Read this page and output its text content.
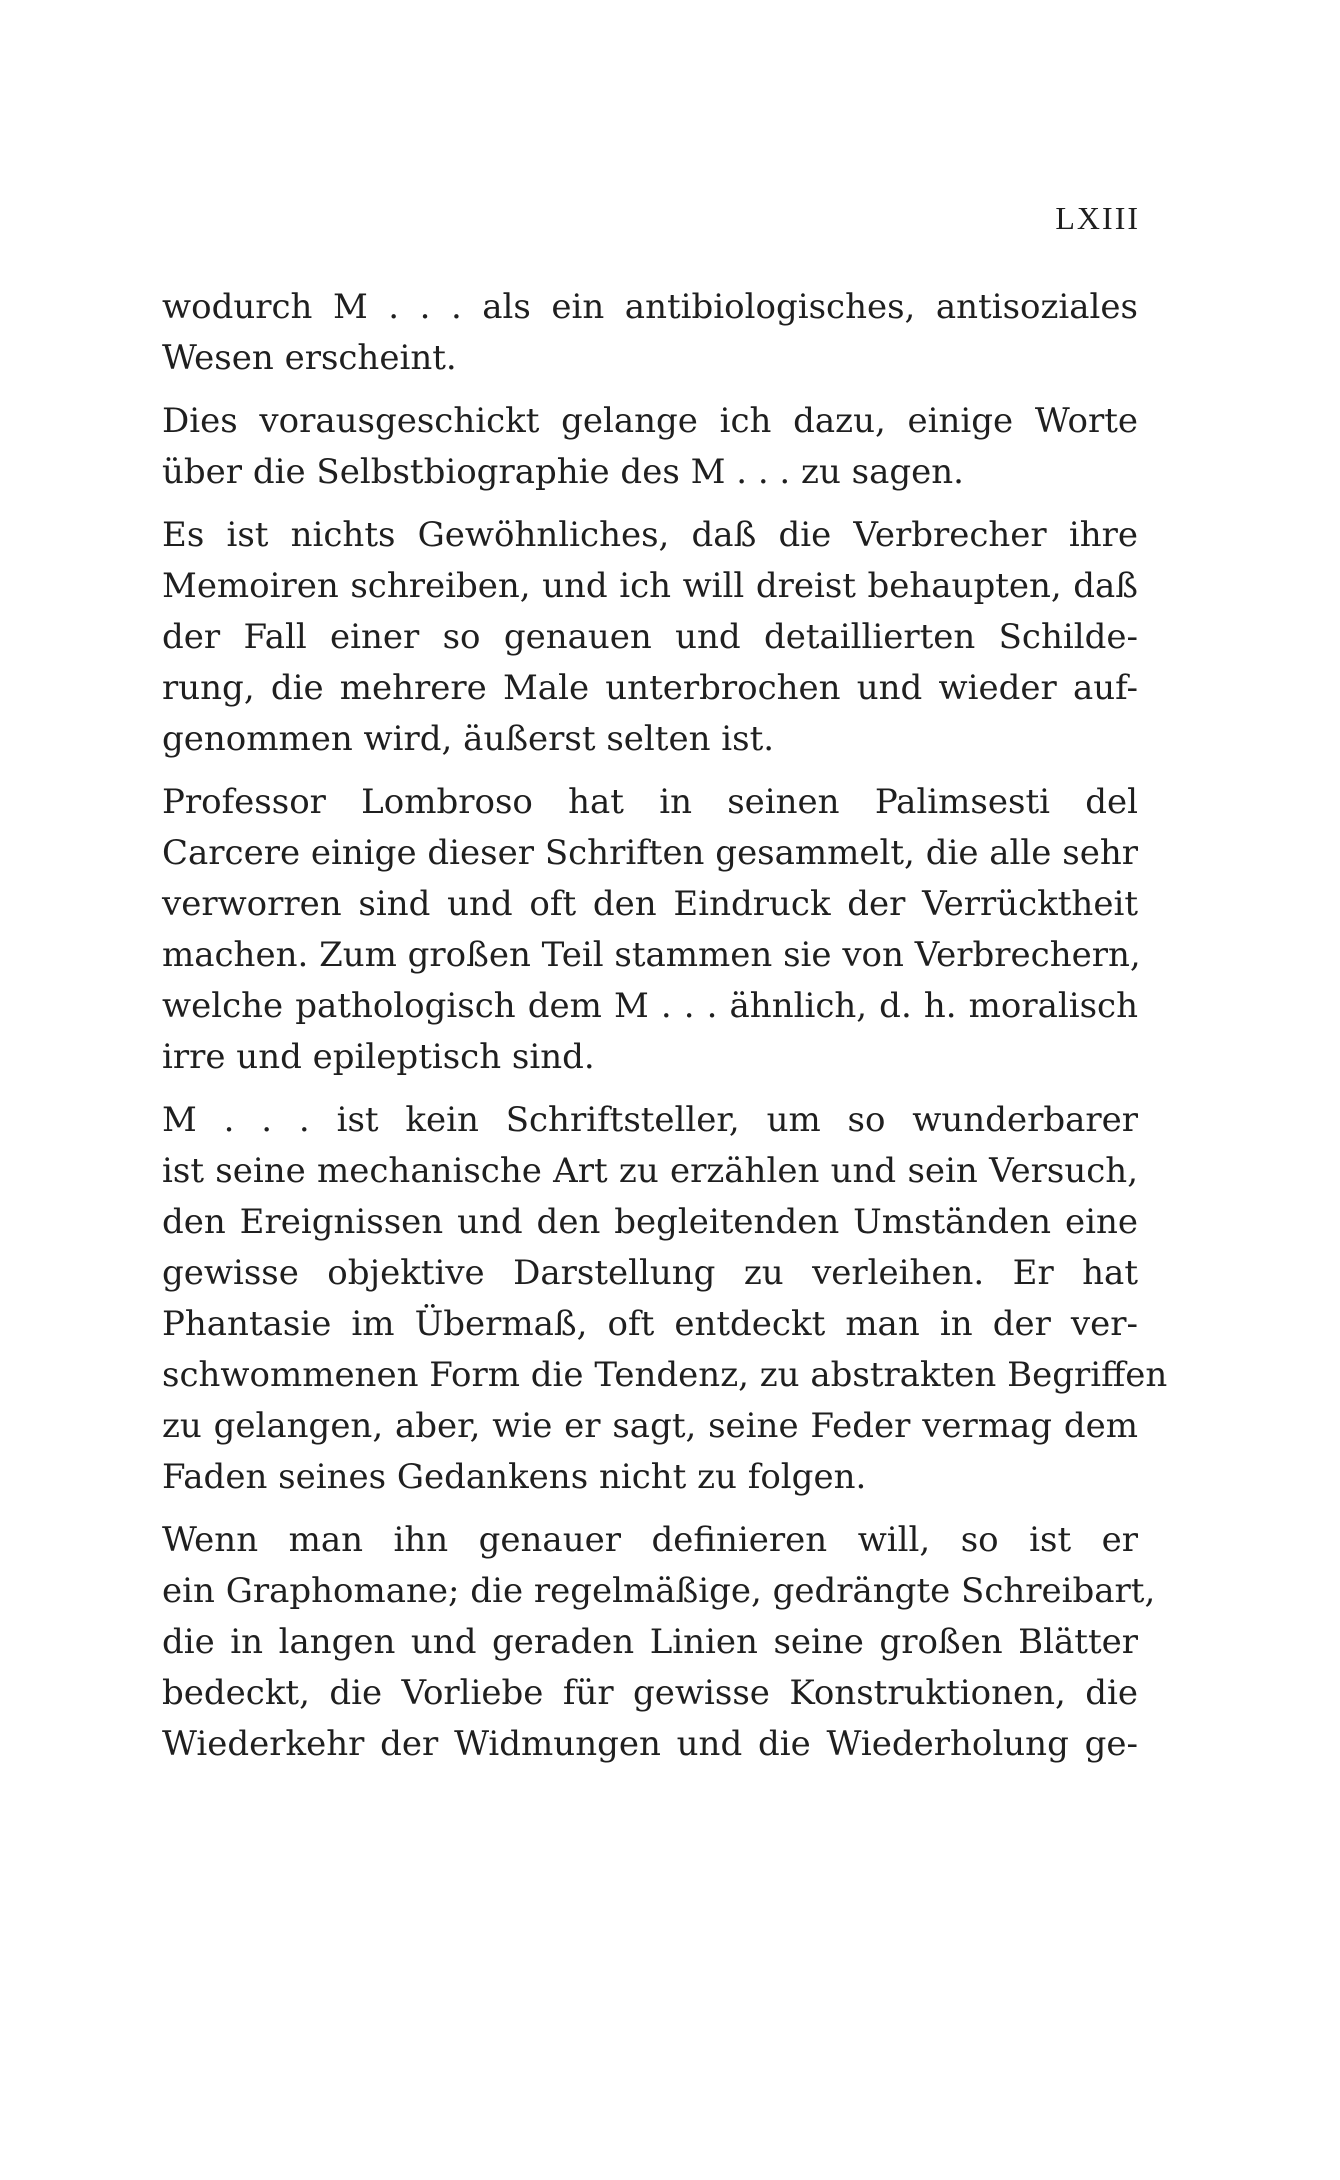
LXIII
wodurch M . . . als ein antibiologisches, antisoziales
Wesen erscheint.
Dies vorausgeschickt gelange ich dazu, einige Worte
über die Selbstbiographie des M . . . zu sagen.
Es ist nichts Gewöhnliches, daß die Verbrecher ihre
Memoiren schreiben, und ich will dreist behaupten, daß
der Fall einer so genauen und detaillierten Schilde-
rung, die mehrere Male unterbrochen und wieder auf-
genommen wird, äußerst selten ist.
Professor Lombroso hat in seinen Palimsesti del
Carcere einige dieser Schriften gesammelt, die alle sehr
verworren sind und oft den Eindruck der Verrücktheit
machen. Zum großen Teil stammen sie von Verbrechern,
welche pathologisch dem M . . . ähnlich, d. h. moralisch
irre und epileptisch sind.
M . . . ist kein Schriftsteller, um so wunderbarer
ist seine mechanische Art zu erzählen und sein Versuch,
den Ereignissen und den begleitenden Umständen eine
gewisse objektive Darstellung zu verleihen. Er hat
Phantasie im Übermaß, oft entdeckt man in der ver-
schwommenen Form die Tendenz, zu abstrakten Begriffen
zu gelangen, aber, wie er sagt, seine Feder vermag dem
Faden seines Gedankens nicht zu folgen.
Wenn man ihn genauer definieren will, so ist er
ein Graphomane; die regelmäßige, gedrängte Schreibart,
die in langen und geraden Linien seine großen Blätter
bedeckt, die Vorliebe für gewisse Konstruktionen, die
Wiederkehr der Widmungen und die Wiederholung ge-
